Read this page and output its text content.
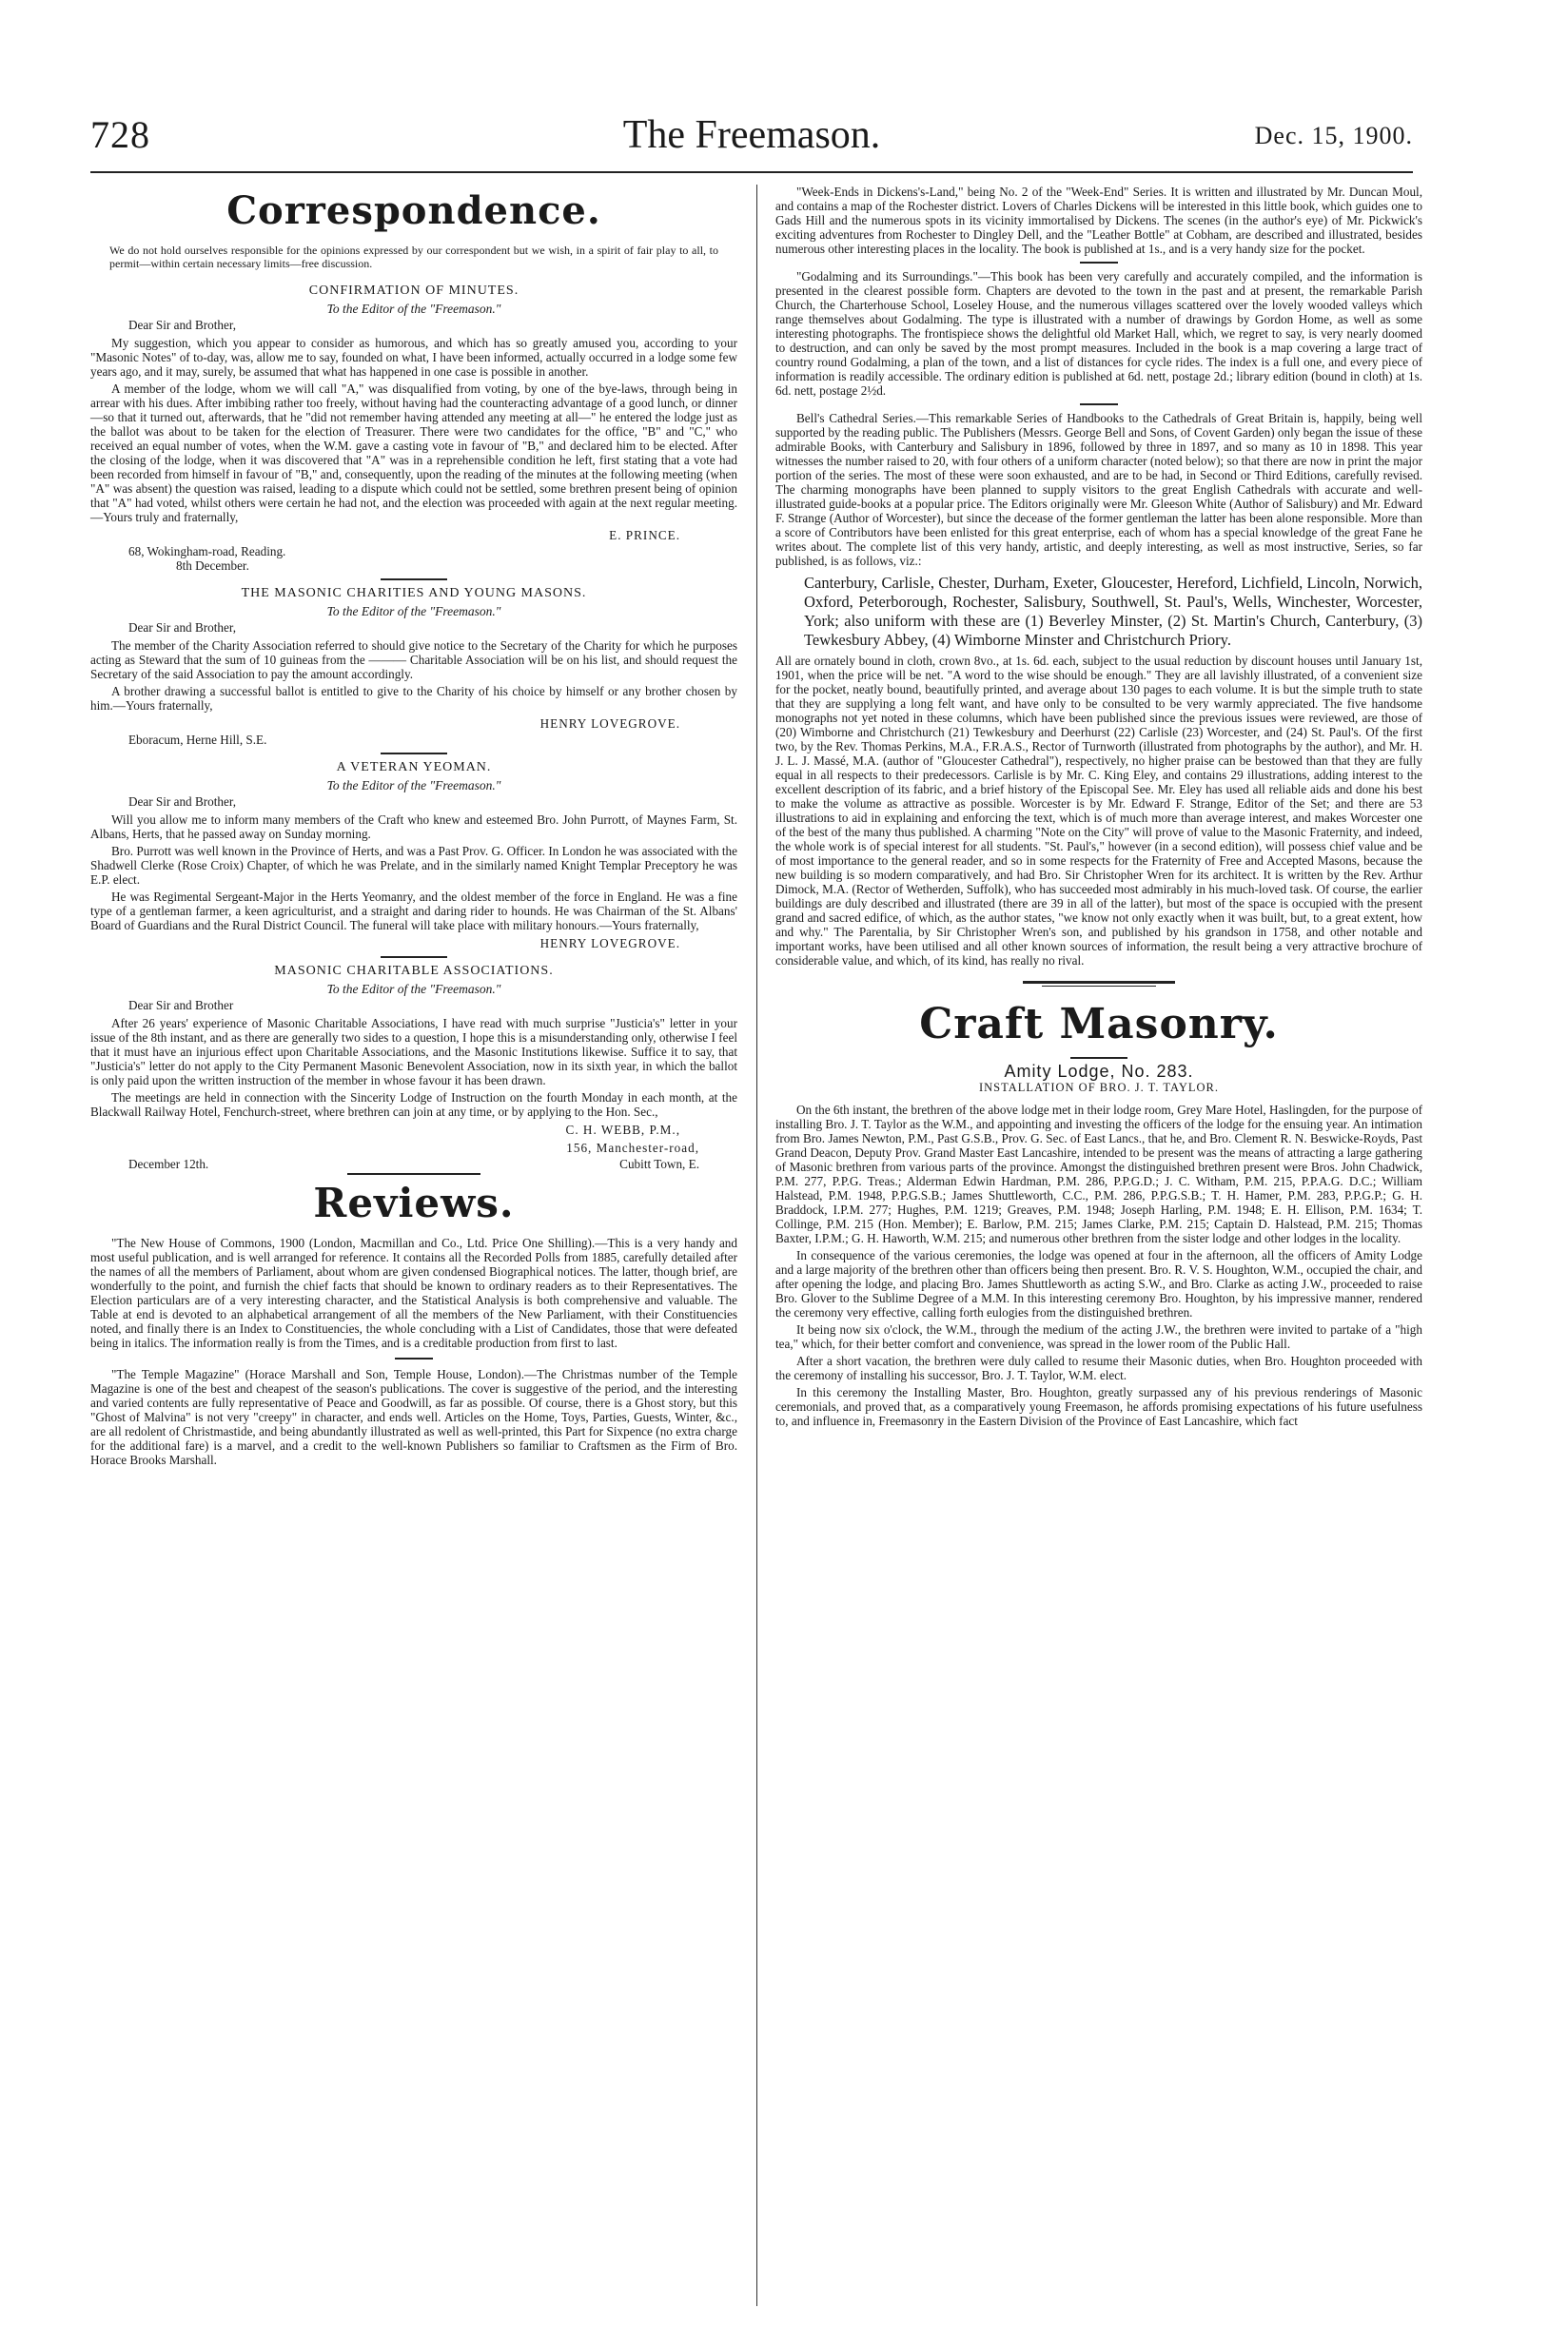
728	The Freemason.	Dec. 15, 1900.
Correspondence.
We do not hold ourselves responsible for the opinions expressed by our correspondent but we wish, in a spirit of fair play to all, to permit—within certain necessary limits—free discussion.
CONFIRMATION OF MINUTES.
To the Editor of the "Freemason."
Dear Sir and Brother,

My suggestion, which you appear to consider as humorous, and which has so greatly amused you, according to your "Masonic Notes" of to-day, was, allow me to say, founded on what, I have been informed, actually occurred in a lodge some few years ago, and it may, surely, be assumed that what has happened in one case is possible in another.

A member of the lodge, whom we will call "A," was disqualified from voting, by one of the bye-laws, through being in arrear with his dues. After imbibing rather too freely, without having had the counteracting advantage of a good lunch, or dinner—so that it turned out, afterwards, that he "did not remember having attended any meeting at all—" he entered the lodge just as the ballot was about to be taken for the election of Treasurer. There were two candidates for the office, "B" and "C," who received an equal number of votes, when the W.M. gave a casting vote in favour of "B," and declared him to be elected. After the closing of the lodge, when it was discovered that "A" was in a reprehensible condition he left, first stating that a vote had been recorded from himself in favour of "B," and, consequently, upon the reading of the minutes at the following meeting (when "A" was absent) the question was raised, leading to a dispute which could not be settled, some brethren present being of opinion that "A" had voted, whilst others were certain he had not, and the election was proceeded with again at the next regular meeting.—Yours truly and fraternally,

E. PRINCE.
68, Wokingham-road, Reading.
8th December.
THE MASONIC CHARITIES AND YOUNG MASONS.
To the Editor of the "Freemason."
Dear Sir and Brother,

The member of the Charity Association referred to should give notice to the Secretary of the Charity for which he purposes acting as Steward that the sum of 10 guineas from the ——— Charitable Association will be on his list, and should request the Secretary of the said Association to pay the amount accordingly.

A brother drawing a successful ballot is entitled to give to the Charity of his choice by himself or any brother chosen by him.—Yours fraternally,

HENRY LOVEGROVE.
Eboracum, Herne Hill, S.E.
A VETERAN YEOMAN.
To the Editor of the "Freemason."
Dear Sir and Brother,

Will you allow me to inform many members of the Craft who knew and esteemed Bro. John Purrott, of Maynes Farm, St. Albans, Herts, that he passed away on Sunday morning.

Bro. Purrott was well known in the Province of Herts, and was a Past Prov. G. Officer. In London he was associated with the Shadwell Clerke (Rose Croix) Chapter, of which he was Prelate, and in the similarly named Knight Templar Preceptory he was E.P. elect.

He was Regimental Sergeant-Major in the Herts Yeomanry, and the oldest member of the force in England. He was a fine type of a gentleman farmer, a keen agriculturist, and a straight and daring rider to hounds. He was Chairman of the St. Albans' Board of Guardians and the Rural District Council. The funeral will take place with military honours.—Yours fraternally,

HENRY LOVEGROVE.
MASONIC CHARITABLE ASSOCIATIONS.
To the Editor of the "Freemason."
Dear Sir and Brother

After 26 years' experience of Masonic Charitable Associations, I have read with much surprise "Justicia's" letter in your issue of the 8th instant, and as there are generally two sides to a question, I hope this is a misunderstanding only, otherwise I feel that it must have an injurious effect upon Charitable Associations, and the Masonic Institutions likewise. Suffice it to say, that "Justicia's" letter do not apply to the City Permanent Masonic Benevolent Association, now in its sixth year, in which the ballot is only paid upon the written instruction of the member in whose favour it has been drawn.

The meetings are held in connection with the Sincerity Lodge of Instruction on the fourth Monday in each month, at the Blackwall Railway Hotel, Fenchurch-street, where brethren can join at any time, or by applying to the Hon. Sec.,

C. H. WEBB, P.M.,
156, Manchester-road,
December 12th.	Cubitt Town, E.
Reviews.

"The New House of Commons, 1900 (London, Macmillan and Co., Ltd. Price One Shilling).—This is a very handy and most useful publication, and is well arranged for reference. It contains all the Recorded Polls from 1885, carefully detailed after the names of all the members of Parliament, about whom are given condensed Biographical notices. The latter, though brief, are wonderfully to the point, and furnish the chief facts that should be known to ordinary readers as to their Representatives. The Election particulars are of a very interesting character, and the Statistical Analysis is both comprehensive and valuable. The Table at end is devoted to an alphabetical arrangement of all the members of the New Parliament, with their Constituencies noted, and finally there is an Index to Constituencies, the whole concluding with a List of Candidates, those that were defeated being in italics. The information really is from the Times, and is a creditable production from first to last.

"The Temple Magazine" (Horace Marshall and Son, Temple House, London).—The Christmas number of the Temple Magazine is one of the best and cheapest of the season's publications. The cover is suggestive of the period, and the interesting and varied contents are fully representative of Peace and Goodwill, as far as possible. Of course, there is a Ghost story, but this "Ghost of Malvina" is not very "creepy" in character, and ends well. Articles on the Home, Toys, Parties, Guests, Winter, &c., are all redolent of Christmastide, and being abundantly illustrated as well as well-printed, this Part for Sixpence (no extra charge for the additional fare) is a marvel, and a credit to the well-known Publishers so familiar to Craftsmen as the Firm of Bro. Horace Brooks Marshall.

"Week-Ends in Dickens's-Land," being No. 2 of the "Week-End" Series. It is written and illustrated by Mr. Duncan Moul, and contains a map of the Rochester district. Lovers of Charles Dickens will be interested in this little book, which guides one to Gads Hill and the numerous spots in its vicinity immortalised by Dickens. The scenes (in the author's eye) of Mr. Pickwick's exciting adventures from Rochester to Dingley Dell, and the "Leather Bottle" at Cobham, are described and illustrated, besides numerous other interesting places in the locality. The book is published at 1s., and is a very handy size for the pocket.

"Godalming and its Surroundings."—This book has been very carefully and accurately compiled, and the information is presented in the clearest possible form. Chapters are devoted to the town in the past and at present, the remarkable Parish Church, the Charterhouse School, Loseley House, and the numerous villages scattered over the lovely wooded valleys which range themselves about Godalming. The type is illustrated with a number of drawings by Gordon Home, as well as some interesting photographs. The frontispiece shows the delightful old Market Hall, which, we regret to say, is very nearly doomed to destruction, and can only be saved by the most prompt measures. Included in the book is a map covering a large tract of country round Godalming, a plan of the town, and a list of distances for cycle rides. The index is a full one, and every piece of information is readily accessible. The ordinary edition is published at 6d. nett, postage 2d.; library edition (bound in cloth) at 1s. 6d. nett, postage 2½d.

Bell's Cathedral Series.—This remarkable Series of Handbooks to the Cathedrals of Great Britain is, happily, being well supported by the reading public. The Publishers (Messrs. George Bell and Sons, of Covent Garden) only began the issue of these admirable Books, with Canterbury and Salisbury in 1896, followed by three in 1897, and so many as 10 in 1898. This year witnesses the number raised to 20, with four others of a uniform character (noted below); so that there are now in print the major portion of the series. The most of these were soon exhausted, and are to be had, in Second or Third Editions, carefully revised. The charming monographs have been planned to supply visitors to the great English Cathedrals with accurate and well-illustrated guide-books at a popular price. The Editors originally were Mr. Gleeson White (Author of Salisbury) and Mr. Edward F. Strange (Author of Worcester), but since the decease of the former gentleman the latter has been alone responsible. More than a score of Contributors have been enlisted for this great enterprise, each of whom has a special knowledge of the great Fane he writes about. The complete list of this very handy, artistic, and deeply interesting, as well as most instructive, Series, so far published, is as follows, viz.:

Canterbury, Carlisle, Chester, Durham, Exeter, Gloucester, Hereford, Lichfield, Lincoln, Norwich, Oxford, Peterborough, Rochester, Salisbury, Southwell, St. Paul's, Wells, Winchester, Worcester, York; also uniform with these are (1) Beverley Minster, (2) St. Martin's Church, Canterbury, (3) Tewkesbury Abbey, (4) Wimborne Minster and Christchurch Priory.

All are ornately bound in cloth, crown 8vo., at 1s. 6d. each, subject to the usual reduction by discount houses until January 1st, 1901, when the price will be net. "A word to the wise should be enough." They are all lavishly illustrated, of a convenient size for the pocket, neatly bound, beautifully printed, and average about 130 pages to each volume. It is but the simple truth to state that they are supplying a long felt want, and have only to be consulted to be very warmly appreciated. The five handsome monographs not yet noted in these columns, which have been published since the previous issues were reviewed, are those of (20) Wimborne and Christchurch (21) Tewkesbury and Deerhurst (22) Carlisle (23) Worcester, and (24) St. Paul's. Of the first two, by the Rev. Thomas Perkins, M.A., F.R.A.S., Rector of Turnworth (illustrated from photographs by the author), and Mr. H. J. L. J. Massé, M.A. (author of "Gloucester Cathedral"), respectively, no higher praise can be bestowed than that they are fully equal in all respects to their predecessors. Carlisle is by Mr. C. King Eley, and contains 29 illustrations, adding interest to the excellent description of its fabric, and a brief history of the Episcopal See. Mr. Eley has used all reliable aids and done his best to make the volume as attractive as possible. Worcester is by Mr. Edward F. Strange, Editor of the Set; and there are 53 illustrations to aid in explaining and enforcing the text, which is of much more than average interest, and makes Worcester one of the best of the many thus published. A charming "Note on the City" will prove of value to the Masonic Fraternity, and indeed, the whole work is of special interest for all students. "St. Paul's," however (in a second edition), will possess chief value and be of most importance to the general reader, and so in some respects for the Fraternity of Free and Accepted Masons, because the new building is so modern comparatively, and had Bro. Sir Christopher Wren for its architect. It is written by the Rev. Arthur Dimock, M.A. (Rector of Wetherden, Suffolk), who has succeeded most admirably in his much-loved task. Of course, the earlier buildings are duly described and illustrated (there are 39 in all of the latter), but most of the space is occupied with the present grand and sacred edifice, of which, as the author states, "we know not only exactly when it was built, but, to a great extent, how and why." The Parentalia, by Sir Christopher Wren's son, and published by his grandson in 1758, and other notable and important works, have been utilised and all other known sources of information, the result being a very attractive brochure of considerable value, and which, of its kind, has really no rival.

Craft Masonry.
Amity Lodge, No. 283.
INSTALLATION OF BRO. J. T. TAYLOR.

On the 6th instant, the brethren of the above lodge met in their lodge room, Grey Mare Hotel, Haslingden, for the purpose of installing Bro. J. T. Taylor as the W.M., and appointing and investing the officers of the lodge for the ensuing year. An intimation from Bro. James Newton, P.M., Past G.S.B., Prov. G. Sec. of East Lancs., that he, and Bro. Clement R. N. Beswicke-Royds, Past Grand Deacon, Deputy Prov. Grand Master East Lancashire, intended to be present was the means of attracting a large gathering of Masonic brethren from various parts of the province. Amongst the distinguished brethren present were Bros. John Chadwick, P.M. 277, P.P.G. Treas.; Alderman Edwin Hardman, P.M. 286, P.P.G.D.; J. C. Witham, P.M. 215, P.P.A.G. D.C.; William Halstead, P.M. 1948, P.P.G.S.B.; James Shuttleworth, C.C., P.M. 286, P.P.G.S.B.; T. H. Hamer, P.M. 283, P.P.G.P.; G. H. Braddock, I.P.M. 277; Hughes, P.M. 1219; Greaves, P.M. 1948; Joseph Harling, P.M. 1948; E. H. Ellison, P.M. 1634; T. Collinge, P.M. 215 (Hon. Member); E. Barlow, P.M. 215; James Clarke, P.M. 215; Captain D. Halstead, P.M. 215; Thomas Baxter, I.P.M.; G. H. Haworth, W.M. 215; and numerous other brethren from the sister lodge and other lodges in the locality.

In consequence of the various ceremonies, the lodge was opened at four in the afternoon, all the officers of Amity Lodge and a large majority of the brethren other than officers being then present. Bro. R. V. S. Houghton, W.M., occupied the chair, and after opening the lodge, and placing Bro. James Shuttleworth as acting S.W., and Bro. Clarke as acting J.W., proceeded to raise Bro. Glover to the Sublime Degree of a M.M. In this interesting ceremony Bro. Houghton, by his impressive manner, rendered the ceremony very effective, calling forth eulogies from the distinguished brethren.

It being now six o'clock, the W.M., through the medium of the acting J.W., the brethren were invited to partake of a "high tea," which, for their better comfort and convenience, was spread in the lower room of the Public Hall.

After a short vacation, the brethren were duly called to resume their Masonic duties, when Bro. Houghton proceeded with the ceremony of installing his successor, Bro. J. T. Taylor, W.M. elect.

In this ceremony the Installing Master, Bro. Houghton, greatly surpassed any of his previous renderings of Masonic ceremonials, and proved that, as a comparatively young Freemason, he affords promising expectations of his future usefulness to, and influence in, Freemasonry in the Eastern Division of the Province of East Lancashire, which fact
